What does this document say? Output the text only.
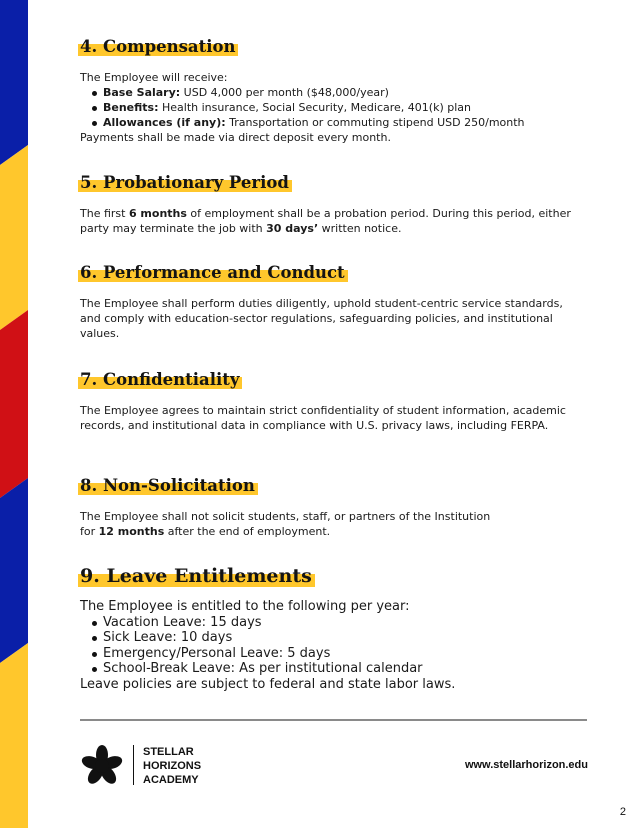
4. Compensation
The Employee will receive:
Base Salary: USD 4,000 per month ($48,000/year)
Benefits: Health insurance, Social Security, Medicare, 401(k) plan
Allowances (if any): Transportation or commuting stipend USD 250/month
Payments shall be made via direct deposit every month.
5. Probationary Period

The first 6 months of employment shall be a probation period. During this period, either party may terminate the job with 30 days’ written notice.

6. Performance and Conduct

The Employee shall perform duties diligently, uphold student-centric service standards, and comply with education-sector regulations, safeguarding policies, and institutional values.

7. Confidentiality

The Employee agrees to maintain strict confidentiality of student information, academic records, and institutional data in compliance with U.S. privacy laws, including FERPA.

8. Non-Solicitation
The Employee shall not solicit students, staff, or partners of the Institution
for 12 months after the end of employment.
9. Leave Entitlements
The Employee is entitled to the following per year:
Vacation Leave: 15 days
Sick Leave: 10 days
Emergency/Personal Leave: 5 days
School-Break Leave: As per institutional calendar
Leave policies are subject to federal and state labor laws.
STELLAR
HORIZONS
ACADEMY
www.stellarhorizon.edu
2
